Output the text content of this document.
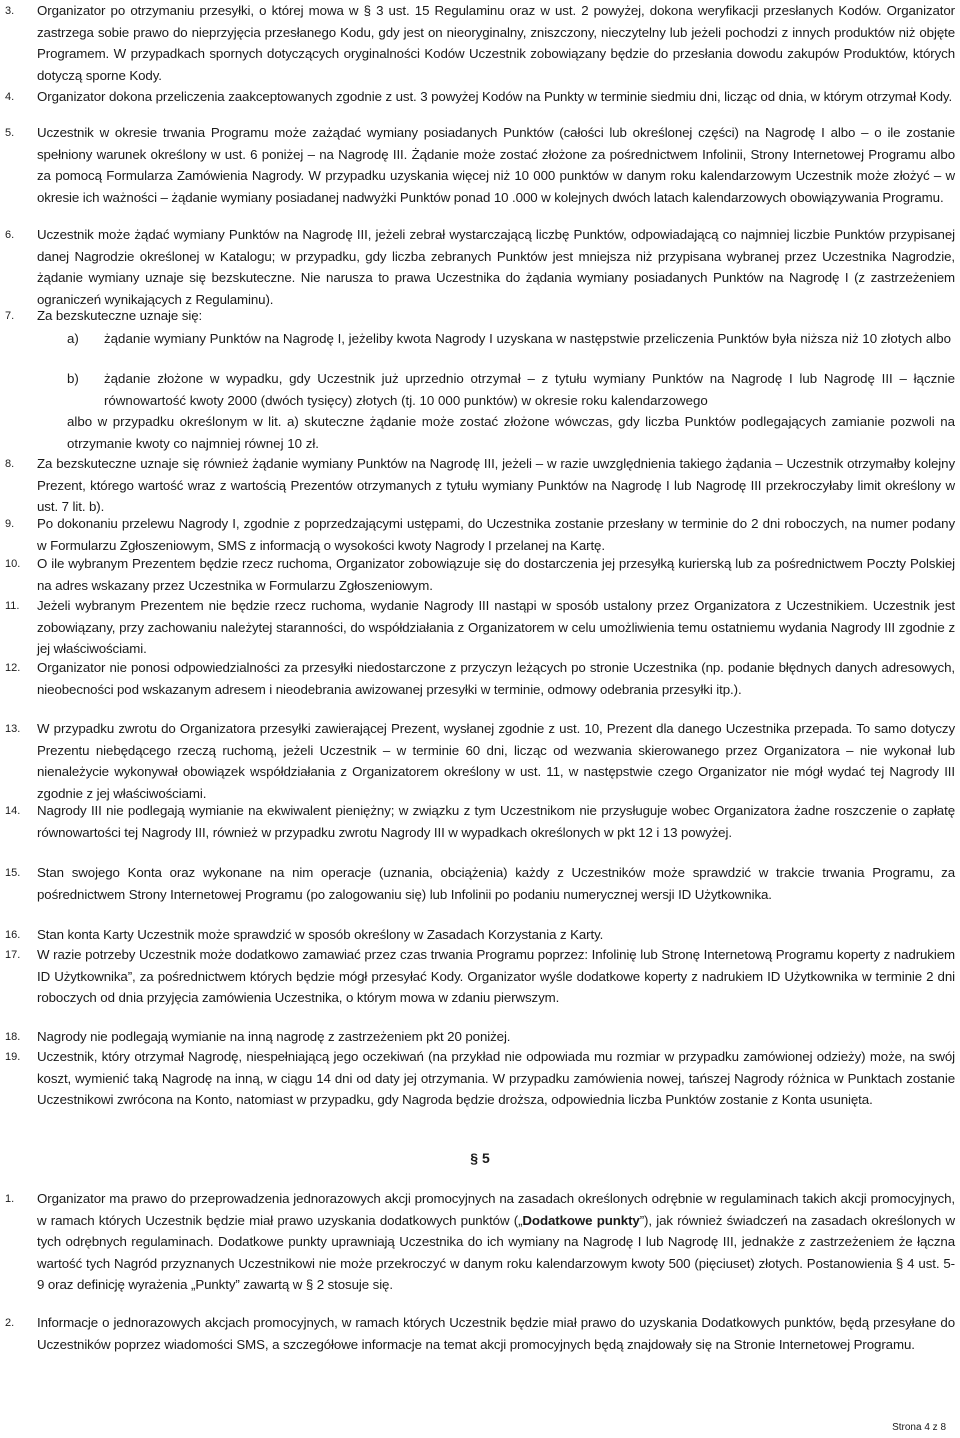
3. Organizator po otrzymaniu przesyłki, o której mowa w § 3 ust. 15 Regulaminu oraz w ust. 2 powyżej, dokona weryfikacji przesłanych Kodów. Organizator zastrzega sobie prawo do nieprzyjęcia przesłanego Kodu, gdy jest on nieoryginalny, zniszczony, nieczytelny lub jeżeli pochodzi z innych produktów niż objęte Programem. W przypadkach spornych dotyczących oryginalności Kodów Uczestnik zobowiązany będzie do przesłania dowodu zakupów Produktów, których dotyczą sporne Kody.
4. Organizator dokona przeliczenia zaakceptowanych zgodnie z ust. 3 powyżej Kodów na Punkty w terminie siedmiu dni, licząc od dnia, w którym otrzymał Kody.
5. Uczestnik w okresie trwania Programu może zażądać wymiany posiadanych Punktów (całości lub określonej części) na Nagrodę I albo – o ile zostanie spełniony warunek określony w ust. 6 poniżej – na Nagrodę III. Żądanie może zostać złożone za pośrednictwem Infolinii, Strony Internetowej Programu albo za pomocą Formularza Zamówienia Nagrody. W przypadku uzyskania więcej niż 10 000 punktów w danym roku kalendarzowym Uczestnik może złożyć – w okresie ich ważności – żądanie wymiany posiadanej nadwyżki Punktów ponad 10 .000 w kolejnych dwóch latach kalendarzowych obowiązywania Programu.
6. Uczestnik może żądać wymiany Punktów na Nagrodę III, jeżeli zebrał wystarczającą liczbę Punktów, odpowiadającą co najmniej liczbie Punktów przypisanej danej Nagrodzie określonej w Katalogu; w przypadku, gdy liczba zebranych Punktów jest mniejsza niż przypisana wybranej przez Uczestnika Nagrodzie, żądanie wymiany uznaje się bezskuteczne. Nie narusza to prawa Uczestnika do żądania wymiany posiadanych Punktów na Nagrodę I (z zastrzeżeniem ograniczeń wynikających z Regulaminu).
7. Za bezskuteczne uznaje się:
a) żądanie wymiany Punktów na Nagrodę I, jeżeliby kwota Nagrody I uzyskana w następstwie przeliczenia Punktów była niższa niż 10 złotych albo
b) żądanie złożone w wypadku, gdy Uczestnik już uprzednio otrzymał – z tytułu wymiany Punktów na Nagrodę I lub Nagrodę III – łącznie równowartość kwoty 2000 (dwóch tysięcy) złotych (tj. 10 000 punktów) w okresie roku kalendarzowego
albo w przypadku określonym w lit. a) skuteczne żądanie może zostać złożone wówczas, gdy liczba Punktów podlegających zamianie pozwoli na otrzymanie kwoty co najmniej równej 10 zł.
8. Za bezskuteczne uznaje się również żądanie wymiany Punktów na Nagrodę III, jeżeli – w razie uwzględnienia takiego żądania – Uczestnik otrzymałby kolejny Prezent, którego wartość wraz z wartością Prezentów otrzymanych z tytułu wymiany Punktów na Nagrodę I lub Nagrodę III przekroczyłaby limit określony w ust. 7 lit. b).
9. Po dokonaniu przelewu Nagrody I, zgodnie z poprzedzającymi ustępami, do Uczestnika zostanie przesłany w terminie do 2 dni roboczych, na numer podany w Formularzu Zgłoszeniowym, SMS z informacją o wysokości kwoty Nagrody I przelanej na Kartę.
10. O ile wybranym Prezentem będzie rzecz ruchoma, Organizator zobowiązuje się do dostarczenia jej przesyłką kurierską lub za pośrednictwem Poczty Polskiej na adres wskazany przez Uczestnika w Formularzu Zgłoszeniowym.
11. Jeżeli wybranym Prezentem nie będzie rzecz ruchoma, wydanie Nagrody III nastąpi w sposób ustalony przez Organizatora z Uczestnikiem. Uczestnik jest zobowiązany, przy zachowaniu należytej staranności, do współdziałania z Organizatorem w celu umożliwienia temu ostatniemu wydania Nagrody III zgodnie z jej właściwościami.
12. Organizator nie ponosi odpowiedzialności za przesyłki niedostarczone z przyczyn leżących po stronie Uczestnika (np. podanie błędnych danych adresowych, nieobecności pod wskazanym adresem i nieodebrania awizowanej przesyłki w terminie, odmowy odebrania przesyłki itp.).
13. W przypadku zwrotu do Organizatora przesyłki zawierającej Prezent, wysłanej zgodnie z ust. 10, Prezent dla danego Uczestnika przepada. To samo dotyczy Prezentu niebędącego rzeczą ruchomą, jeżeli Uczestnik – w terminie 60 dni, licząc od wezwania skierowanego przez Organizatora – nie wykonał lub nienależycie wykonywał obowiązek współdziałania z Organizatorem określony w ust. 11, w następstwie czego Organizator nie mógł wydać tej Nagrody III zgodnie z jej właściwościami.
14. Nagrody III nie podlegają wymianie na ekwiwalent pieniężny; w związku z tym Uczestnikom nie przysługuje wobec Organizatora żadne roszczenie o zapłatę równowartości tej Nagrody III, również w przypadku zwrotu Nagrody III w wypadkach określonych w pkt 12 i 13 powyżej.
15. Stan swojego Konta oraz wykonane na nim operacje (uznania, obciążenia) każdy z Uczestników może sprawdzić w trakcie trwania Programu, za pośrednictwem Strony Internetowej Programu (po zalogowaniu się) lub Infolinii po podaniu numerycznej wersji ID Użytkownika.
16. Stan konta Karty Uczestnik może sprawdzić w sposób określony w Zasadach Korzystania z Karty.
17. W razie potrzeby Uczestnik może dodatkowo zamawiać przez czas trwania Programu poprzez: Infolinię lub Stronę Internetową Programu koperty z nadrukiem ID Użytkownika”, za pośrednictwem których będzie mógł przesyłać Kody. Organizator wyśle dodatkowe koperty z nadrukiem ID Użytkownika w terminie 2 dni roboczych od dnia przyjęcia zamówienia Uczestnika, o którym mowa w zdaniu pierwszym.
18. Nagrody nie podlegają wymianie na inną nagrodę z zastrzeżeniem pkt 20 poniżej.
19. Uczestnik, który otrzymał Nagrodę, niespełniającą jego oczekiwań (na przykład nie odpowiada mu rozmiar w przypadku zamówionej odzieży) może, na swój koszt, wymienić taką Nagrodę na inną, w ciągu 14 dni od daty jej otrzymania. W przypadku zamówienia nowej, tańszej Nagrody różnica w Punktach zostanie Uczestnikowi zwrócona na Konto, natomiast w przypadku, gdy Nagroda będzie droższa, odpowiednia liczba Punktów zostanie z Konta usunięta.
§ 5
1. Organizator ma prawo do przeprowadzenia jednorazowych akcji promocyjnych na zasadach określonych odrębnie w regulaminach takich akcji promocyjnych, w ramach których Uczestnik będzie miał prawo uzyskania dodatkowych punktów („Dodatkowe punkty”), jak również świadczeń na zasadach określonych w tych odrębnych regulaminach. Dodatkowe punkty uprawniają Uczestnika do ich wymiany na Nagrodę I lub Nagrodę III, jednakże z zastrzeżeniem że łączna wartość tych Nagród przyznanych Uczestnikowi nie może przekroczyć w danym roku kalendarzowym kwoty 500 (pięciuset) złotych. Postanowienia § 4 ust. 5-9 oraz definicję wyrażenia „Punkty” zawartą w § 2 stosuje się.
2. Informacje o jednorazowych akcjach promocyjnych, w ramach których Uczestnik będzie miał prawo do uzyskania Dodatkowych punktów, będą przesyłane do Uczestników poprzez wiadomości SMS, a szczegółowe informacje na temat akcji promocyjnych będą znajdowały się na Stronie Internetowej Programu.
Strona 4 z 8
